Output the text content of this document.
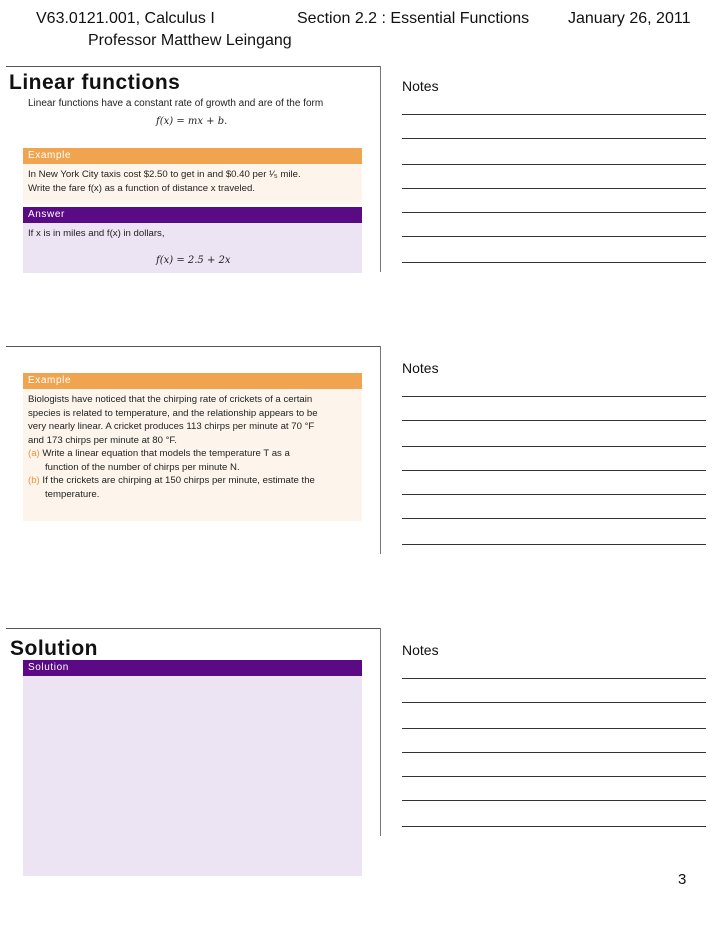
V63.0121.001, Calculus I
Professor Matthew Leingang
Section 2.2 : Essential Functions January 26, 2011
Linear functions
Linear functions have a constant rate of growth and are of the form
f(x) = mx + b.
Example
In New York City taxis cost $2.50 to get in and $0.40 per ¹⁄₅ mile.
Write the fare f(x) as a function of distance x traveled.
Answer
If x is in miles and f(x) in dollars,
f(x) = 2.5 + 2x
Notes
Example
Biologists have noticed that the chirping rate of crickets of a certain
species is related to temperature, and the relationship appears to be
very nearly linear. A cricket produces 113 chirps per minute at 70 °F
and 173 chirps per minute at 80 °F.
(a) Write a linear equation that models the temperature T as a
function of the number of chirps per minute N.
(b) If the crickets are chirping at 150 chirps per minute, estimate the
temperature.
Notes
Solution
Solution
Notes
3
